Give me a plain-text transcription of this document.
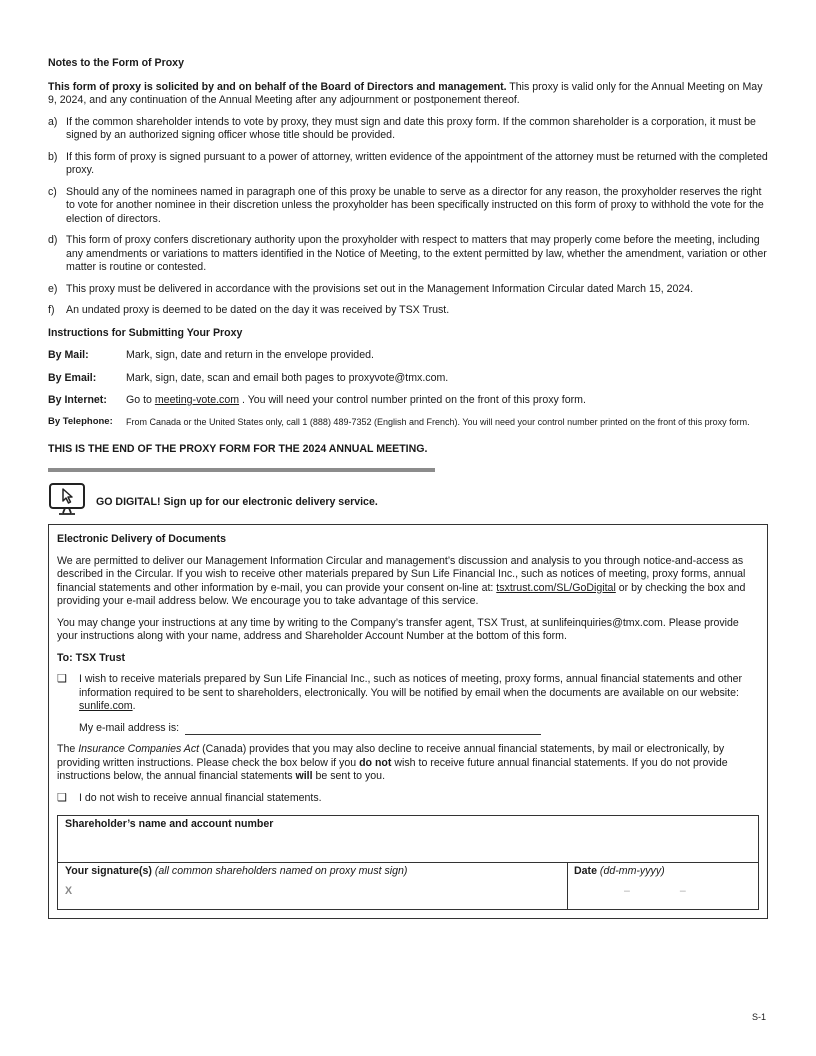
Notes to the Form of Proxy

This form of proxy is solicited by and on behalf of the Board of Directors and management. This proxy is valid only for the Annual Meeting on May 9, 2024, and any continuation of the Annual Meeting after any adjournment or postponement thereof.

a) If the common shareholder intends to vote by proxy, they must sign and date this proxy form. If the common shareholder is a corporation, it must be signed by an authorized signing officer whose title should be provided.
b) If this form of proxy is signed pursuant to a power of attorney, written evidence of the appointment of the attorney must be returned with the completed proxy.
c) Should any of the nominees named in paragraph one of this proxy be unable to serve as a director for any reason, the proxyholder reserves the right to vote for another nominee in their discretion unless the proxyholder has been specifically instructed on this form of proxy to withhold the vote for the election of directors.
d) This form of proxy confers discretionary authority upon the proxyholder with respect to matters that may properly come before the meeting, including any amendments or variations to matters identified in the Notice of Meeting, to the extent permitted by law, whether the amendment, variation or other matter is routine or contested.
e) This proxy must be delivered in accordance with the provisions set out in the Management Information Circular dated March 15, 2024.
f)	An undated proxy is deemed to be dated on the day it was received by TSX Trust.

Instructions for Submitting Your Proxy

By Mail:	Mark, sign, date and return in the envelope provided.
By Email:	Mark, sign, date, scan and email both pages to proxyvote@tmx.com.
By Internet:	Go to meeting-vote.com . You will need your control number printed on the front of this proxy form.
By Telephone:	From Canada or the United States only, call 1 (888) 489-7352 (English and French). You will need your control number printed on the front of this proxy form.

THIS IS THE END OF THE PROXY FORM FOR THE 2024 ANNUAL MEETING.

GO DIGITAL! Sign up for our electronic delivery service.

Electronic Delivery of Documents

We are permitted to deliver our Management Information Circular and management’s discussion and analysis to you through notice-and-access as described in the Circular. If you wish to receive other materials prepared by Sun Life Financial Inc., such as notices of meeting, proxy forms, annual financial statements and other information by e-mail, you can provide your consent on-line at: tsxtrust.com/SL/GoDigital or by checking the box and providing your e-mail address below. We encourage you to take advantage of this service.

You may change your instructions at any time by writing to the Company’s transfer agent, TSX Trust, at sunlifeinquiries@tmx.com. Please provide your instructions along with your name, address and Shareholder Account Number at the bottom of this form.

To: TSX Trust

❑	I wish to receive materials prepared by Sun Life Financial Inc., such as notices of meeting, proxy forms, annual financial statements and other information required to be sent to shareholders, electronically. You will be notified by email when the documents are available on our website: sunlife.com.
My e-mail address is:

The Insurance Companies Act (Canada) provides that you may also decline to receive annual financial statements, by mail or electronically, by providing written instructions. Please check the box below if you do not wish to receive future annual financial statements. If you do not provide instructions below, the annual financial statements will be sent to you.

❑	I do not wish to receive annual financial statements.
Shareholder’s name and account number
Your signature(s) (all common shareholders named on proxy must sign)
X
Date (dd-mm-yyyy)
–	–
S-1
